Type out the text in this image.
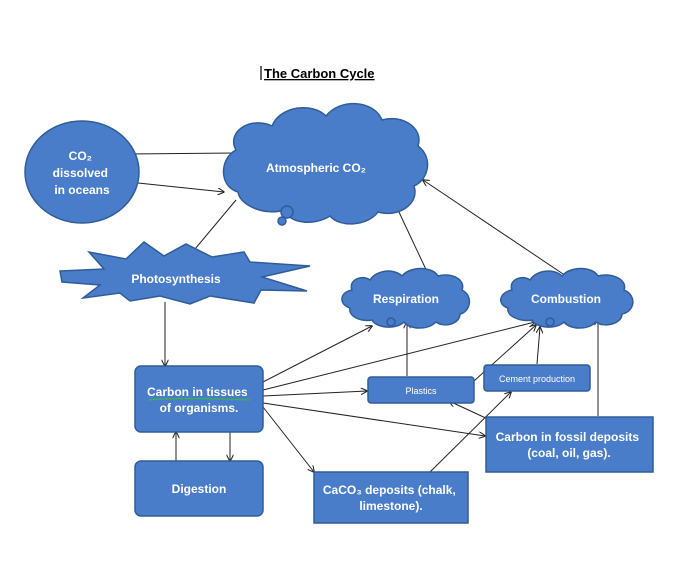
The Carbon Cycle
CO₂ dissolved in oceans
Atmospheric CO₂
Photosynthesis
Respiration	Combustion
Carbon in tissues of organisms.
Plastics
Cement production
Carbon in fossil deposits (coal, oil, gas).
Digestion	CaCO₃ deposits (chalk, limestone).
